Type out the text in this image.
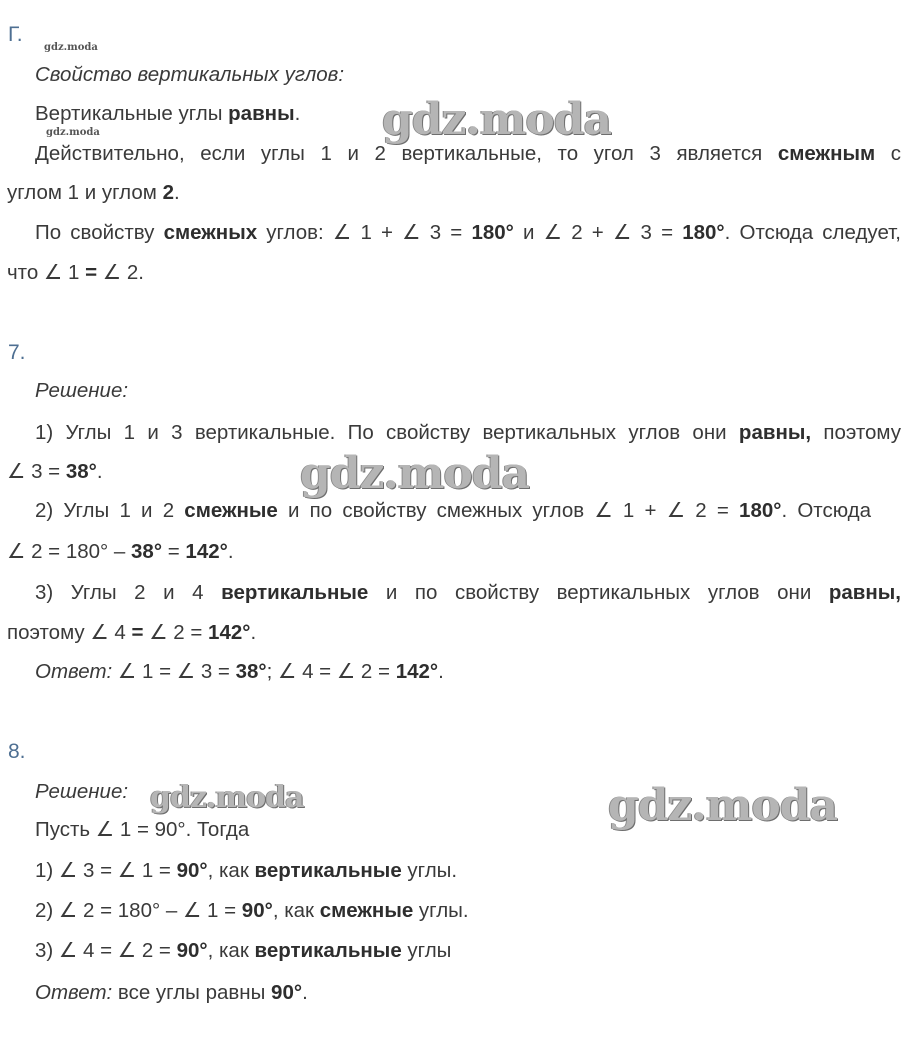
gdz.moda
gdz.moda	gdz.moda
gdz.moda
gdz.moda	gdz.moda
Г.
Свойство вертикальных углов:
Вертикальные углы равны.
Действительно, если углы 1 и 2 вертикальные, то угол 3 является смежным с
углом 1 и углом 2.
По свойству смежных углов: ∠ 1 + ∠ 3 = 180° и ∠ 2 + ∠ 3 = 180°. Отсюда следует,
что ∠ 1 = ∠ 2.
7.
Решение:
1) Углы 1 и 3 вертикальные. По свойству вертикальных углов они равны, поэтому
∠ 3 = 38°.
2) Углы 1 и 2 смежные и по свойству смежных углов ∠ 1 + ∠ 2 = 180°. Отсюда
∠ 2 = 180° – 38° = 142°.
3) Углы 2 и 4 вертикальные и по свойству вертикальных углов они равны,
поэтому ∠ 4 = ∠ 2 = 142°.
Ответ: ∠ 1 = ∠ 3 = 38°; ∠ 4 = ∠ 2 = 142°.
8.
Решение:
Пусть ∠ 1 = 90°. Тогда
1) ∠ 3 = ∠ 1 = 90°, как вертикальные углы.
2) ∠ 2 = 180° – ∠ 1 = 90°, как смежные углы.
3) ∠ 4 = ∠ 2 = 90°, как вертикальные углы
Ответ: все углы равны 90°.
